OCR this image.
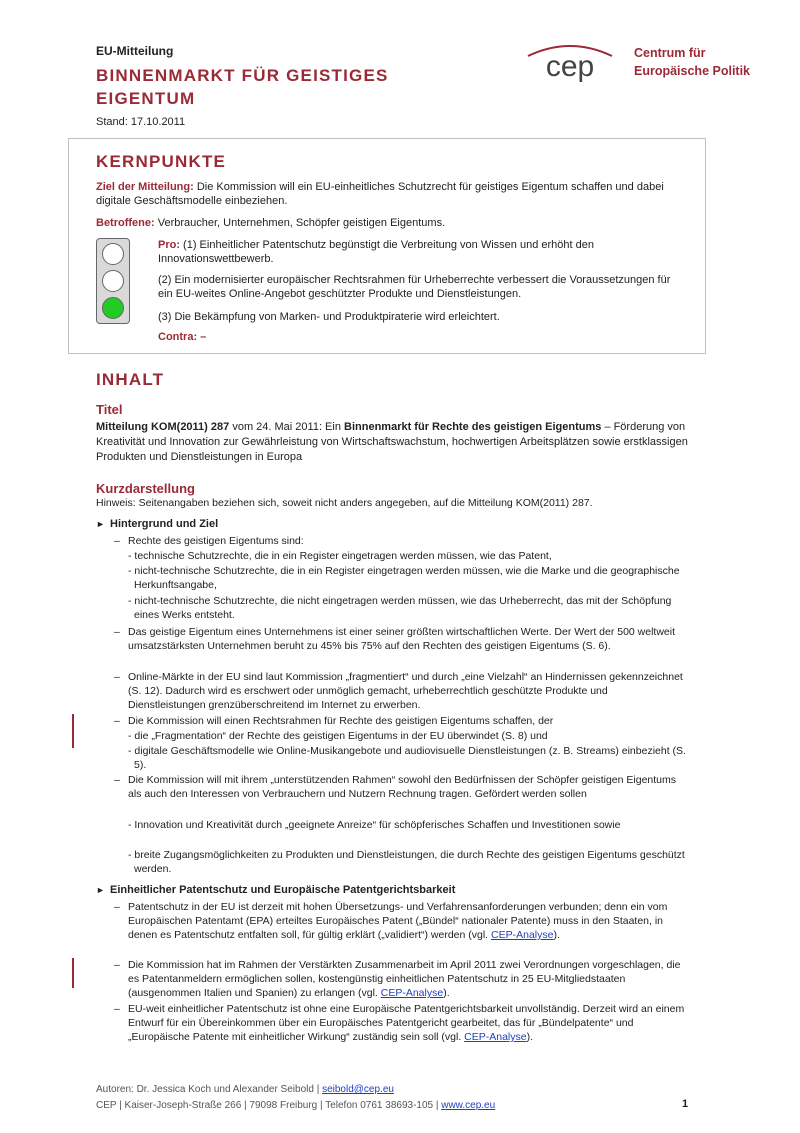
EU-Mitteilung
BINNENMARKT FÜR GEISTIGES EIGENTUM
Stand: 17.10.2011
cep	Centrum für
Europäische Politik
KERNPUNKTE
Ziel der Mitteilung: Die Kommission will ein EU-einheitliches Schutzrecht für geistiges Eigentum schaffen und dabei digitale Geschäftsmodelle einbeziehen.
Betroffene: Verbraucher, Unternehmen, Schöpfer geistigen Eigentums.
Pro: (1) Einheitlicher Patentschutz begünstigt die Verbreitung von Wissen und erhöht den Innovationswettbewerb.
(2) Ein modernisierter europäischer Rechtsrahmen für Urheberrechte verbessert die Voraussetzungen für ein EU-weites Online-Angebot geschützter Produkte und Dienstleistungen.
(3) Die Bekämpfung von Marken- und Produktpiraterie wird erleichtert.
Contra: –
INHALT
Titel
Mitteilung KOM(2011) 287 vom 24. Mai 2011: Ein Binnenmarkt für Rechte des geistigen Eigentums – Förderung von Kreativität und Innovation zur Gewährleistung von Wirtschaftswachstum, hochwertigen Arbeitsplätzen sowie erstklassigen Produkten und Dienstleistungen in Europa
Kurzdarstellung
Hinweis: Seitenangaben beziehen sich, soweit nicht anders angegeben, auf die Mitteilung KOM(2011) 287.
► Hintergrund und Ziel
– Rechte des geistigen Eigentums sind:
- technische Schutzrechte, die in ein Register eingetragen werden müssen, wie das Patent,
- nicht-technische Schutzrechte, die in ein Register eingetragen werden müssen, wie die Marke und die geographische Herkunftsangabe,
- nicht-technische Schutzrechte, die nicht eingetragen werden müssen, wie das Urheberrecht, das mit der Schöpfung eines Werks entsteht.
– Das geistige Eigentum eines Unternehmens ist einer seiner größten wirtschaftlichen Werte. Der Wert der 500 weltweit umsatzstärksten Unternehmen beruht zu 45% bis 75% auf den Rechten des geistigen Eigentums (S. 6).
– Online-Märkte in der EU sind laut Kommission „fragmentiert“ und durch „eine Vielzahl“ an Hindernissen gekennzeichnet (S. 12). Dadurch wird es erschwert oder unmöglich gemacht, urheberrechtlich geschützte Produkte und Dienstleistungen grenzüberschreitend im Internet zu erwerben.
– Die Kommission will einen Rechtsrahmen für Rechte des geistigen Eigentums schaffen, der
- die „Fragmentation“ der Rechte des geistigen Eigentums in der EU überwindet (S. 8) und
- digitale Geschäftsmodelle wie Online-Musikangebote und audiovisuelle Dienstleistungen (z. B. Streams) einbezieht (S. 5).
– Die Kommission will mit ihrem „unterstützenden Rahmen“ sowohl den Bedürfnissen der Schöpfer geistigen Eigentums als auch den Interessen von Verbrauchern und Nutzern Rechnung tragen. Gefördert werden sollen
- Innovation und Kreativität durch „geeignete Anreize“ für schöpferisches Schaffen und Investitionen sowie
- breite Zugangsmöglichkeiten zu Produkten und Dienstleistungen, die durch Rechte des geistigen Eigentums geschützt werden.
► Einheitlicher Patentschutz und Europäische Patentgerichtsbarkeit
– Patentschutz in der EU ist derzeit mit hohen Übersetzungs- und Verfahrensanforderungen verbunden; denn ein vom Europäischen Patentamt (EPA) erteiltes Europäisches Patent („Bündel“ nationaler Patente) muss in den Staaten, in denen es Patentschutz entfalten soll, für gültig erklärt („validiert“) werden (vgl. CEP-Analyse).
– Die Kommission hat im Rahmen der Verstärkten Zusammenarbeit im April 2011 zwei Verordnungen vorgeschlagen, die es Patentanmeldern ermöglichen sollen, kostengünstig einheitlichen Patentschutz in 25 EU-Mitgliedstaaten (ausgenommen Italien und Spanien) zu erlangen (vgl. CEP-Analyse).
– EU-weit einheitlicher Patentschutz ist ohne eine Europäische Patentgerichtsbarkeit unvollständig. Derzeit wird an einem Entwurf für ein Übereinkommen über ein Europäisches Patentgericht gearbeitet, das für „Bündelpatente“ und „Europäische Patente mit einheitlicher Wirkung“ zuständig sein soll (vgl. CEP-Analyse).
Autoren: Dr. Jessica Koch und Alexander Seibold | seibold@cep.eu
CEP | Kaiser-Joseph-Straße 266 | 79098 Freiburg | Telefon 0761 38693-105 | www.cep.eu	1
